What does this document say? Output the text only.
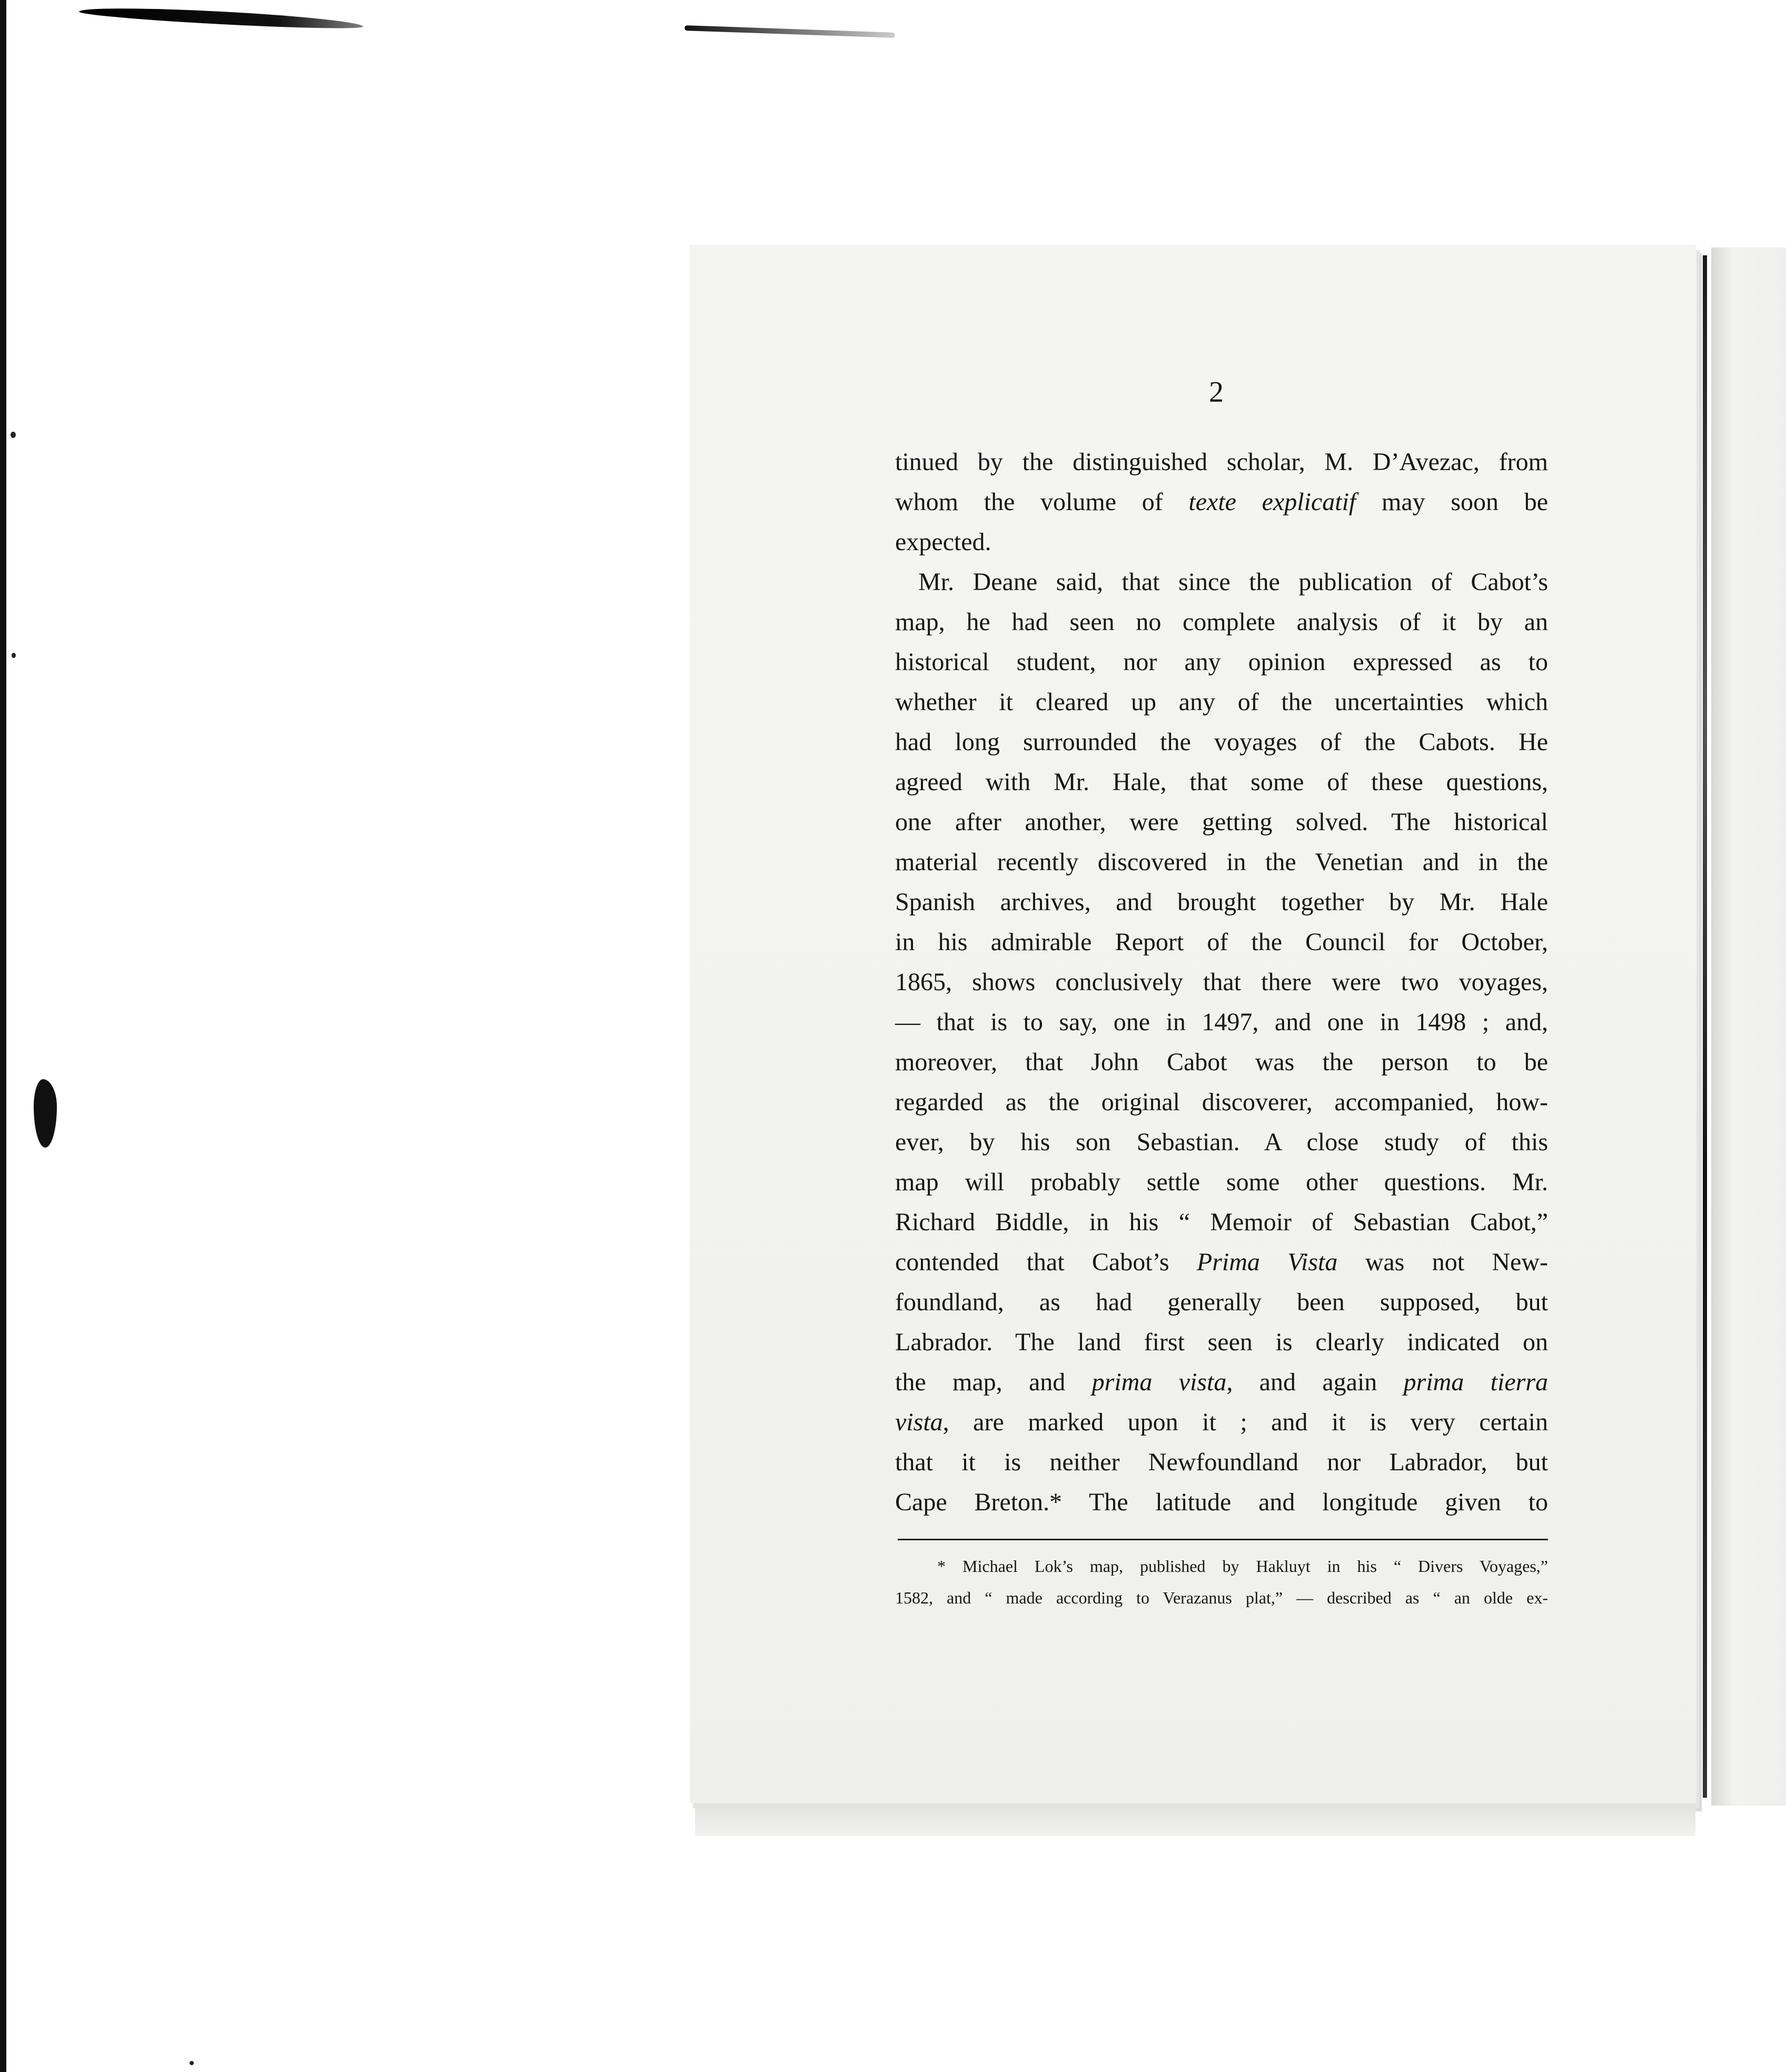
2
tinued by the distinguished scholar, M. D’Avezac, from
whom the volume of texte explicatif may soon be
expected.
Mr. Deane said, that since the publication of Cabot’s
map, he had seen no complete analysis of it by an
historical student, nor any opinion expressed as to
whether it cleared up any of the uncertainties which
had long surrounded the voyages of the Cabots. He
agreed with Mr. Hale, that some of these questions,
one after another, were getting solved. The historical
material recently discovered in the Venetian and in the
Spanish archives, and brought together by Mr. Hale
in his admirable Report of the Council for October,
1865, shows conclusively that there were two voyages,
— that is to say, one in 1497, and one in 1498 ; and,
moreover, that John Cabot was the person to be
regarded as the original discoverer, accompanied, how-
ever, by his son Sebastian. A close study of this
map will probably settle some other questions. Mr.
Richard Biddle, in his “ Memoir of Sebastian Cabot,”
contended that Cabot’s Prima Vista was not New-
foundland, as had generally been supposed, but
Labrador. The land first seen is clearly indicated on
the map, and prima vista, and again prima tierra
vista, are marked upon it ; and it is very certain
that it is neither Newfoundland nor Labrador, but
Cape Breton.* The latitude and longitude given to
* Michael Lok’s map, published by Hakluyt in his “ Divers Voyages,”
1582, and “ made according to Verazanus plat,” — described as “ an olde ex-
